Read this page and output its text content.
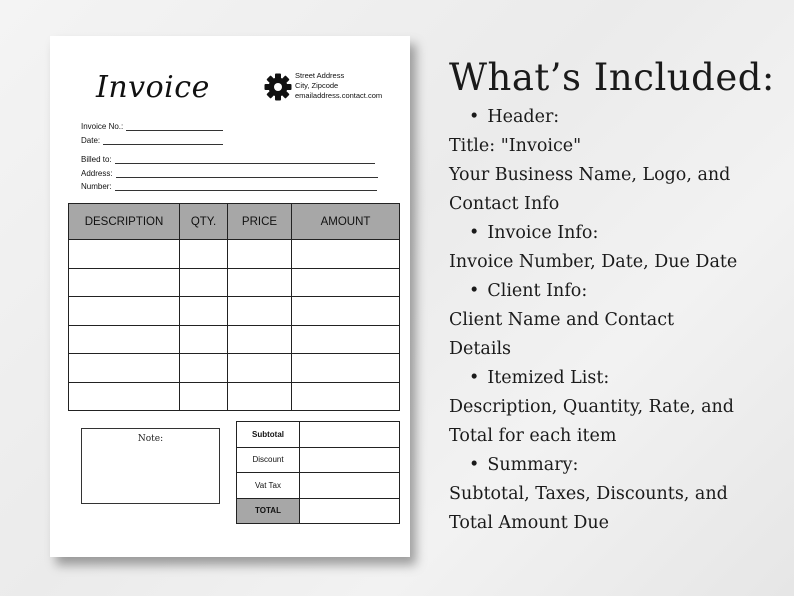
Invoice	Street Address
City, Zipcode
emailaddress.contact.com
Invoice No.:
Date:
Billed to:
Address:
Number:
DESCRIPTION	QTY.	PRICE	AMOUNT

Note:	Subtotal	
Discount	
Vat Tax	
TOTAL	
What’s Included:
• Header:
Title: "Invoice"
Your Business Name, Logo, and
Contact Info
• Invoice Info:
Invoice Number, Date, Due Date
• Client Info:
Client Name and Contact
Details
• Itemized List:
Description, Quantity, Rate, and
Total for each item
• Summary:
Subtotal, Taxes, Discounts, and
Total Amount Due
